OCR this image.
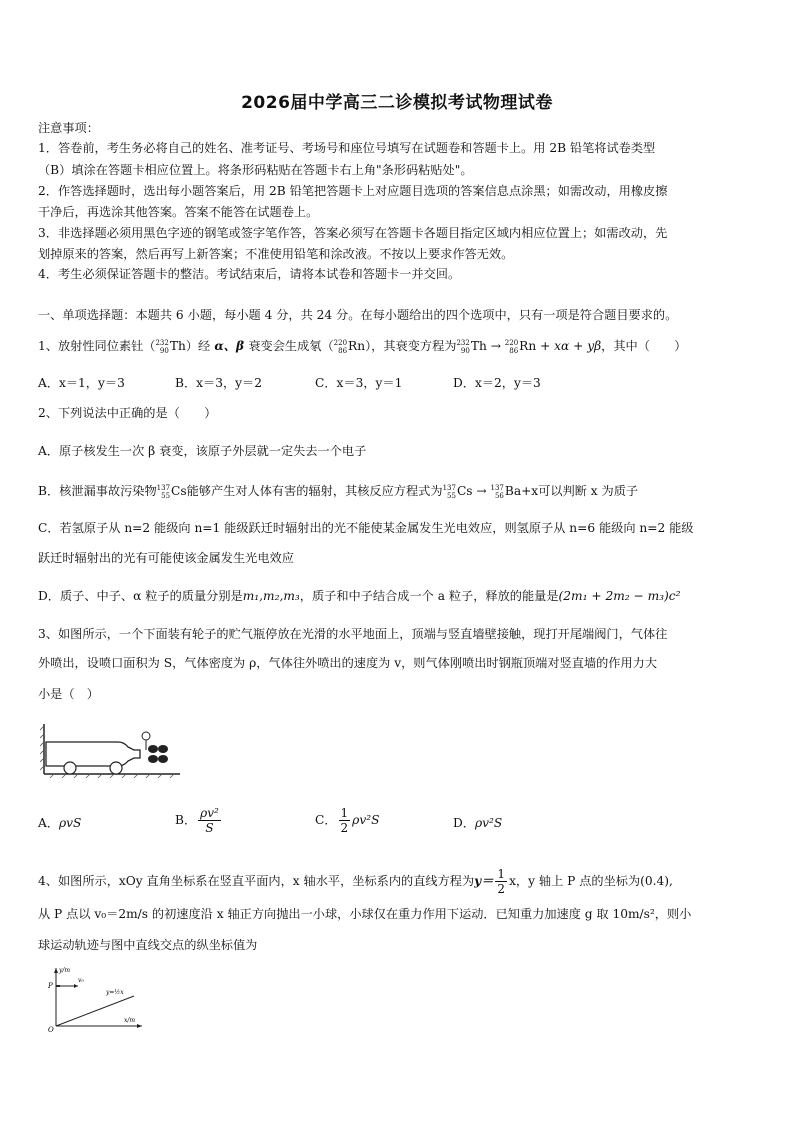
2026届中学高三二诊模拟考试物理试卷
注意事项：
1．答卷前，考生务必将自己的姓名、准考证号、考场号和座位号填写在试题卷和答题卡上。用 2B 铅笔将试卷类型
（B）填涂在答题卡相应位置上。将条形码粘贴在答题卡右上角"条形码粘贴处"。
2．作答选择题时，选出每小题答案后，用 2B 铅笔把答题卡上对应题目选项的答案信息点涂黑；如需改动，用橡皮擦
干净后，再选涂其他答案。答案不能答在试题卷上。
3．非选择题必须用黑色字迹的钢笔或签字笔作答，答案必须写在答题卡各题目指定区域内相应位置上；如需改动，先
划掉原来的答案，然后再写上新答案；不准使用铅笔和涂改液。不按以上要求作答无效。
4．考生必须保证答题卡的整洁。考试结束后，请将本试卷和答题卡一并交回。
一、单项选择题：本题共 6 小题，每小题 4 分，共 24 分。在每小题给出的四个选项中，只有一项是符合题目要求的。
1、放射性同位素钍（ 232
90 Th）经 α、β 衰变会生成氡（ 220
86 Rn），其衰变方程为 232
90 Th → 220
86 Rn + xα + yβ，其中（　　）
A．x＝1，y＝3	B．x＝3，y＝2	C．x＝3，y＝1	D．x＝2，y＝3
2、下列说法中正确的是（　　）
A．原子核发生一次 β 衰变，该原子外层就一定失去一个电子
B．核泄漏事故污染物 137
55 Cs能够产生对人体有害的辐射，其核反应方程式为 137
55 Cs → 137
56 Ba+x可以判断 x 为质子
C．若氢原子从 n=2 能级向 n=1 能级跃迁时辐射出的光不能使某金属发生光电效应，则氢原子从 n=6 能级向 n=2 能级
跃迁时辐射出的光有可能使该金属发生光电效应
D．质子、中子、α 粒子的质量分别是m₁,m₂,m₃，质子和中子结合成一个 a 粒子，释放的能量是(2m₁ + 2m₂ − m₃)c²
3、如图所示，一个下面装有轮子的贮气瓶停放在光滑的水平地面上，顶端与竖直墙壁接触，现打开尾端阀门，气体往
外喷出，设喷口面积为 S，气体密度为 ρ，气体往外喷出的速度为 v，则气体刚喷出时钢瓶顶端对竖直墙的作用力大
小是（　）
A．ρvS	B． $\frac{\text{ρv²}}{S}$	C． $\frac{1}{2} \rho v^2S$	D．ρv²S
4、如图所示，xOy 直角坐标系在竖直平面内，x 轴水平，坐标系内的直线方程为$y= \frac{1}{2}$ x，y 轴上 P 点的坐标为(0.4),
从 P 点以 v₀＝2m/s 的初速度沿 x 轴正方向抛出一小球，小球仅在重力作用下运动．已知重力加速度 g 取 10m/s²，则小
球运动轨迹与图中直线交点的纵坐标值为
y/m
x/m
P
O
v₀
y=½x
